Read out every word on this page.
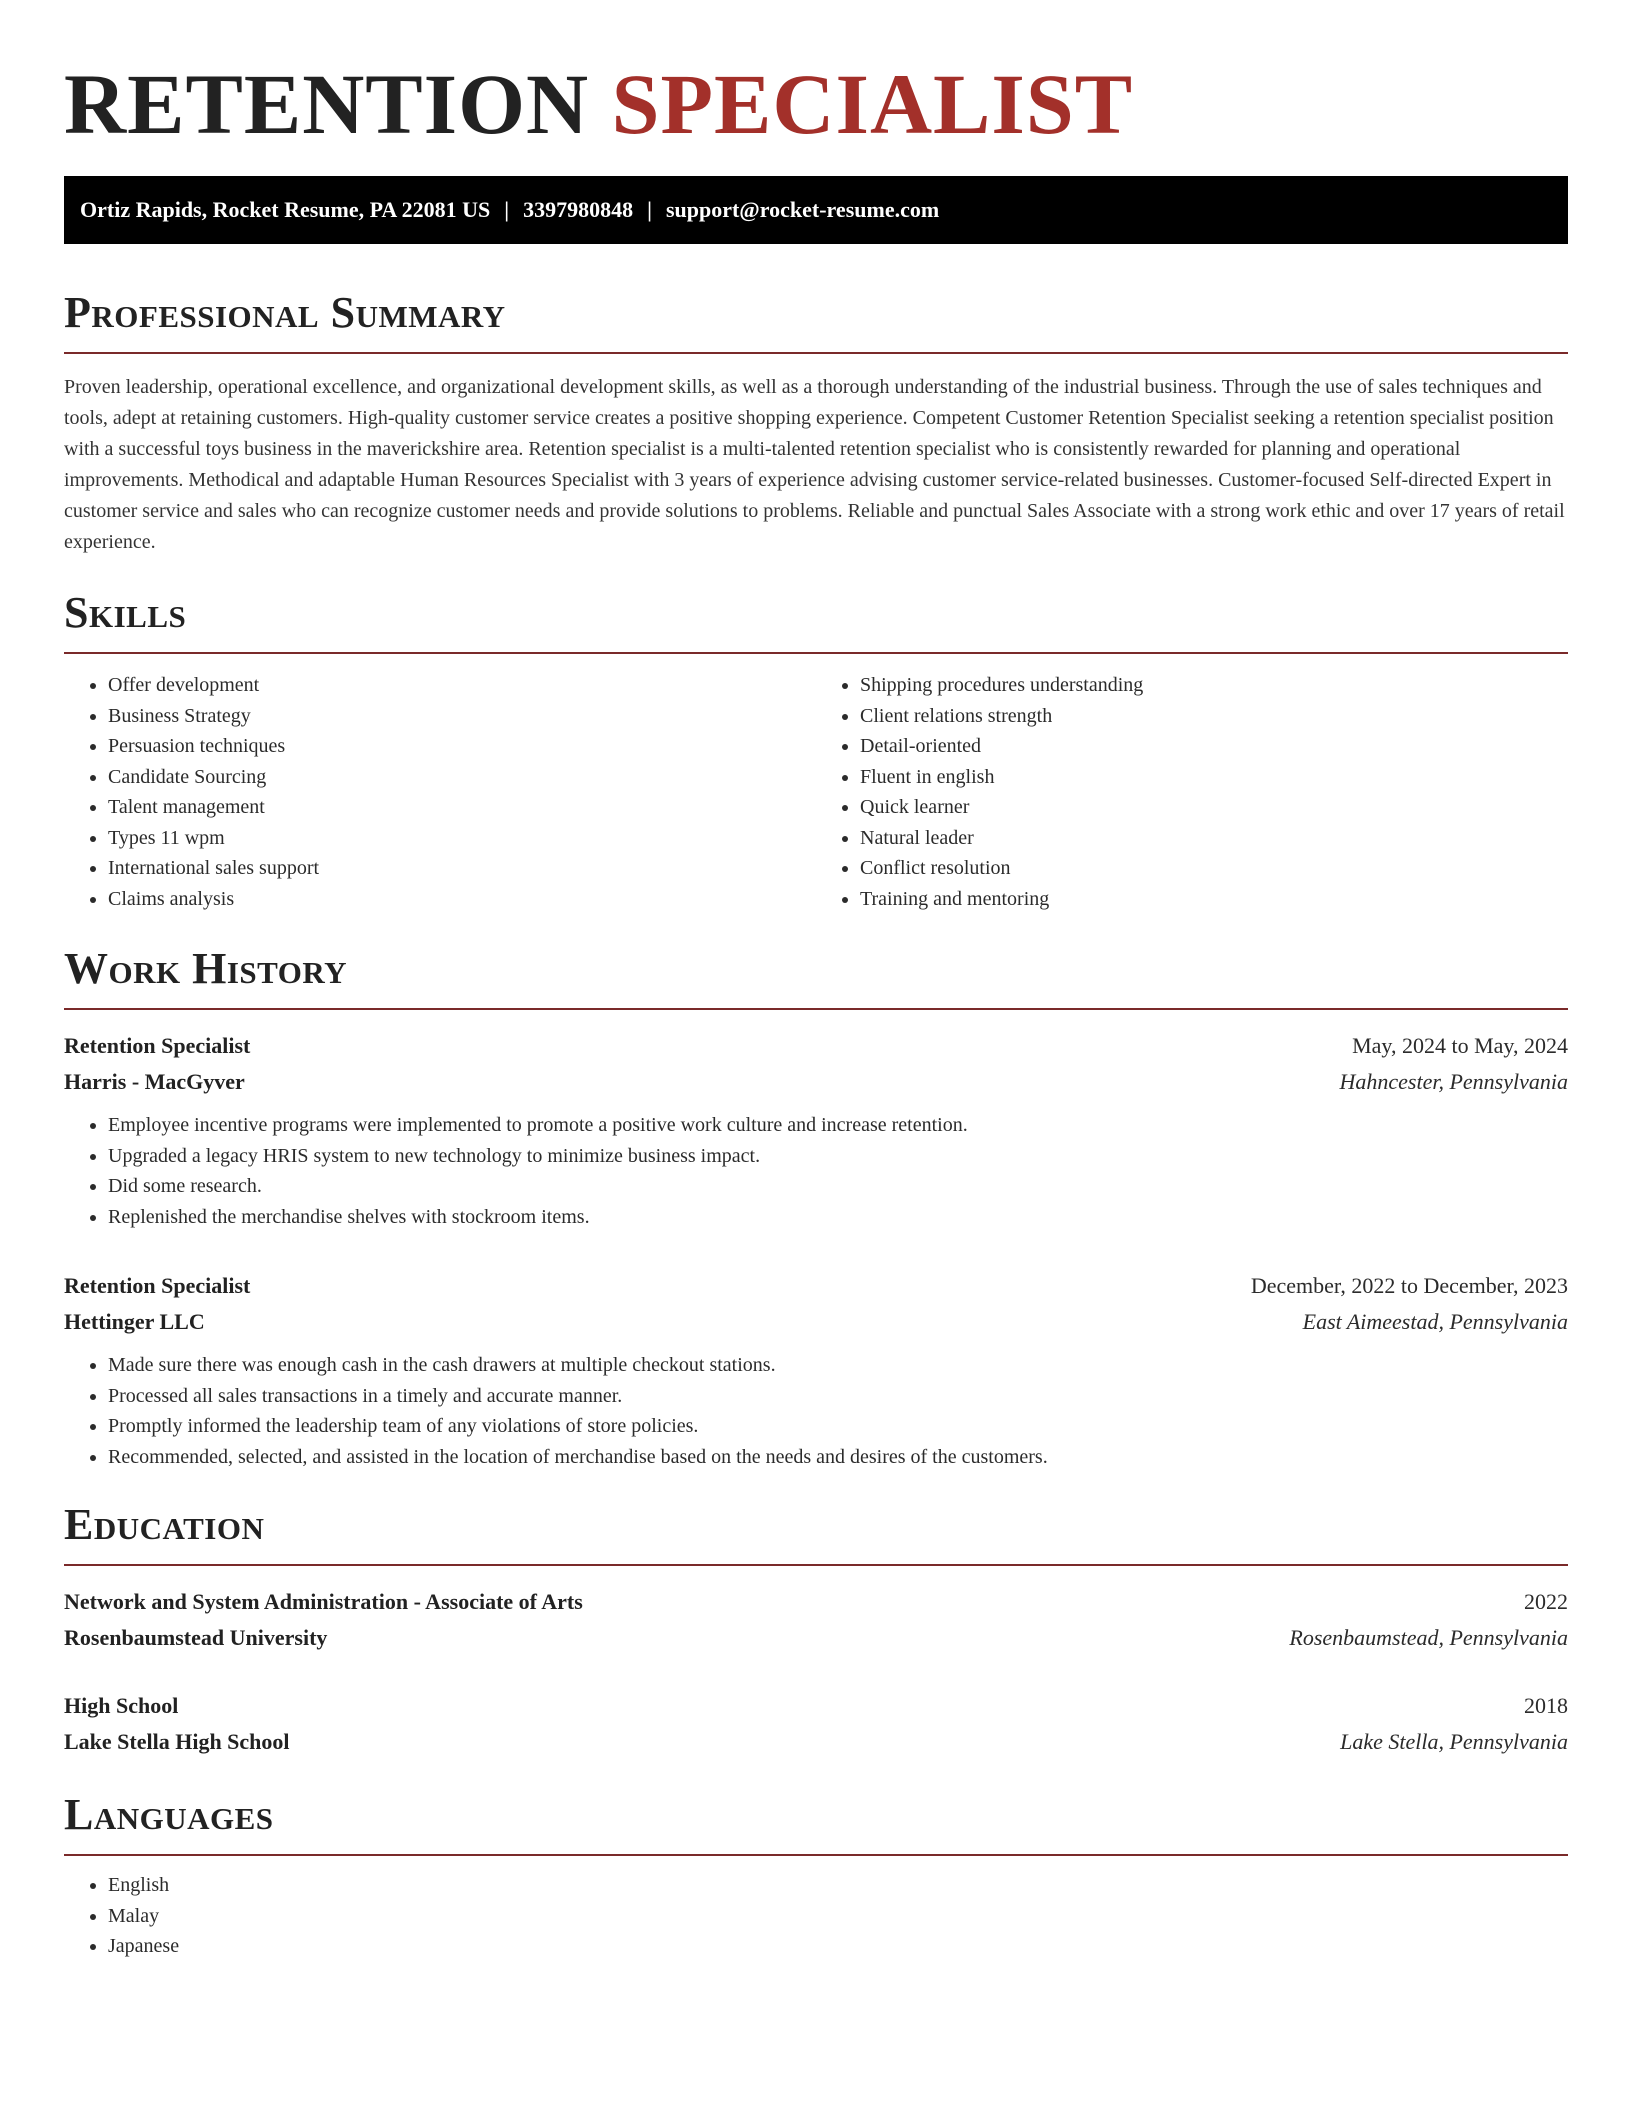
RETENTION SPECIALIST
Ortiz Rapids, Rocket Resume, PA 22081 US | 3397980848 | support@rocket-resume.com
Professional Summary

Proven leadership, operational excellence, and organizational development skills, as well as a thorough understanding of the industrial business. Through the use of sales techniques and tools, adept at retaining customers. High-quality customer service creates a positive shopping experience. Competent Customer Retention Specialist seeking a retention specialist position with a successful toys business in the maverickshire area. Retention specialist is a multi-talented retention specialist who is consistently rewarded for planning and operational improvements. Methodical and adaptable Human Resources Specialist with 3 years of experience advising customer service-related businesses. Customer-focused Self-directed Expert in customer service and sales who can recognize customer needs and provide solutions to problems. Reliable and punctual Sales Associate with a strong work ethic and over 17 years of retail experience.

Skills
• Offer development
• Business Strategy
• Persuasion techniques
• Candidate Sourcing
• Talent management
• Types 11 wpm
• International sales support
• Claims analysis
• Shipping procedures understanding
• Client relations strength
• Detail-oriented
• Fluent in english
• Quick learner
• Natural leader
• Conflict resolution
• Training and mentoring
Work History
Retention Specialist	May, 2024 to May, 2024
Harris - MacGyver	Hahncester, Pennsylvania
• Employee incentive programs were implemented to promote a positive work culture and increase retention.
• Upgraded a legacy HRIS system to new technology to minimize business impact.
• Did some research.
• Replenished the merchandise shelves with stockroom items.
Retention Specialist	December, 2022 to December, 2023
Hettinger LLC	East Aimeestad, Pennsylvania
• Made sure there was enough cash in the cash drawers at multiple checkout stations.
• Processed all sales transactions in a timely and accurate manner.
• Promptly informed the leadership team of any violations of store policies.
• Recommended, selected, and assisted in the location of merchandise based on the needs and desires of the customers.
Education
Network and System Administration - Associate of Arts	2022
Rosenbaumstead University	Rosenbaumstead, Pennsylvania
High School	2018
Lake Stella High School	Lake Stella, Pennsylvania
Languages
• English
• Malay
• Japanese
